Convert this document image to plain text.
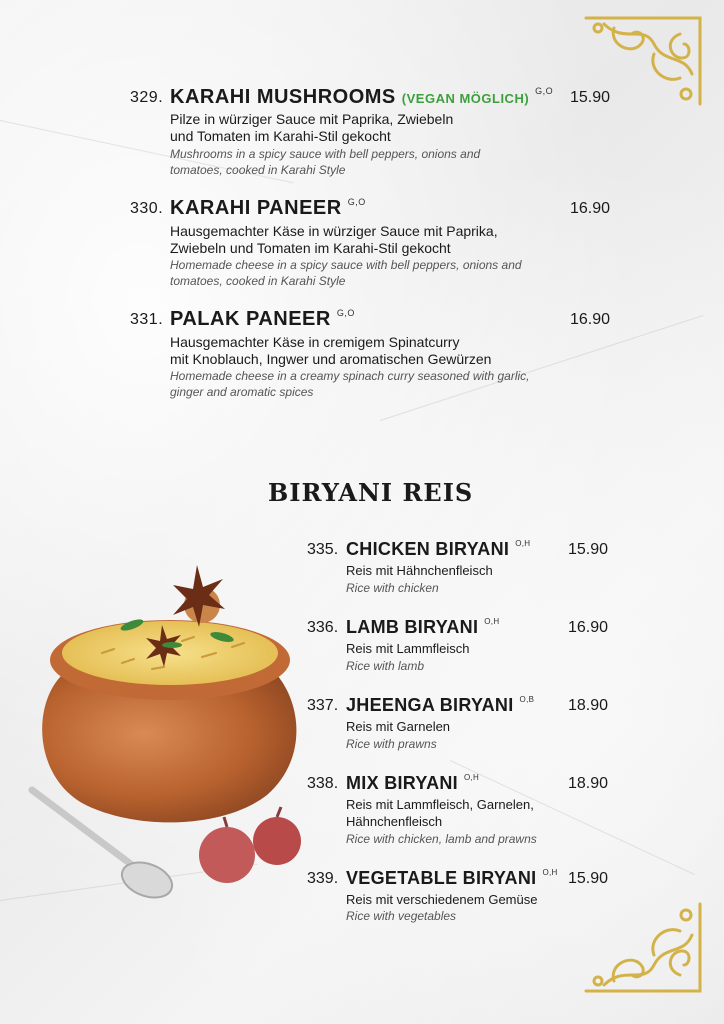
329. KARAHI MUSHROOMS (VEGAN MÖGLICH) $^{G,O}$ 15.90
Pilze in würziger Sauce mit Paprika, Zwiebeln
und Tomaten im Karahi-Stil gekocht
Mushrooms in a spicy sauce with bell peppers, onions and
tomatoes, cooked in Karahi Style
330. KARAHI PANEER $^{G,O}$	16.90
Hausgemachter Käse in würziger Sauce mit Paprika,
Zwiebeln und Tomaten im Karahi-Stil gekocht
Homemade cheese in a spicy sauce with bell peppers, onions and
tomatoes, cooked in Karahi Style
331. PALAK PANEER $^{G,O}$	16.90
Hausgemachter Käse in cremigem Spinatcurry
mit Knoblauch, Ingwer und aromatischen Gewürzen
Homemade cheese in a creamy spinach curry seasoned with garlic,
ginger and aromatic spices
BIRYANI REIS
335. CHICKEN BIRYANI $^{O,H}$ 15.90
Reis mit Hähnchenfleisch
Rice with chicken
336. LAMB BIRYANI $^{O,H}$	16.90
Reis mit Lammfleisch
Rice with lamb
337. JHEENGA BIRYANI $^{O,B}$ 18.90
Reis mit Garnelen
Rice with prawns
338. MIX BIRYANI $^{O,H}$	18.90
Reis mit Lammfleisch, Garnelen,
Hähnchenfleisch
Rice with chicken, lamb and prawns
339. VEGETABLE BIRYANI $^{O,H}$ 15.90
Reis mit verschiedenem Gemüse
Rice with vegetables
